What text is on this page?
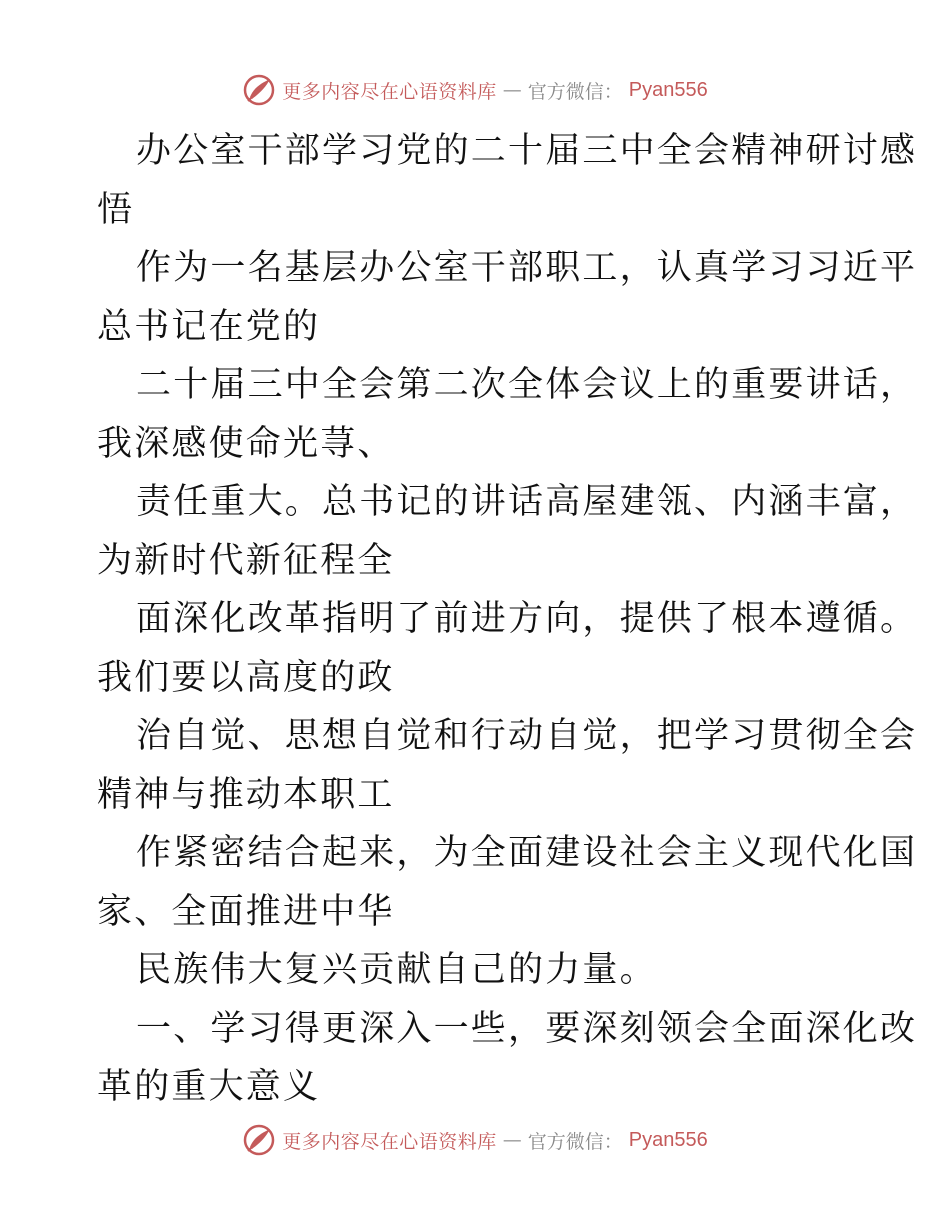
更多内容尽在心语资料库 — 官方微信： Pyan556
办公室干部学习党的二十届三中全会精神研讨感
悟
作为一名基层办公室干部职工，认真学习习近平
总书记在党的
二十届三中全会第二次全体会议上的重要讲话，
我深感使命光荨、
责任重大。总书记的讲话高屋建瓴、内涵丰富，
为新时代新征程全
面深化改革指明了前进方向，提供了根本遵循。
我们要以高度的政
治自觉、思想自觉和行动自觉，把学习贯彻全会
精神与推动本职工
作紧密结合起来，为全面建设社会主义现代化国
家、全面推进中华
民族伟大复兴贡献自己的力量。
一、学习得更深入一些，要深刻领会全面深化改
革的重大意义
更多内容尽在心语资料库 — 官方微信： Pyan556
